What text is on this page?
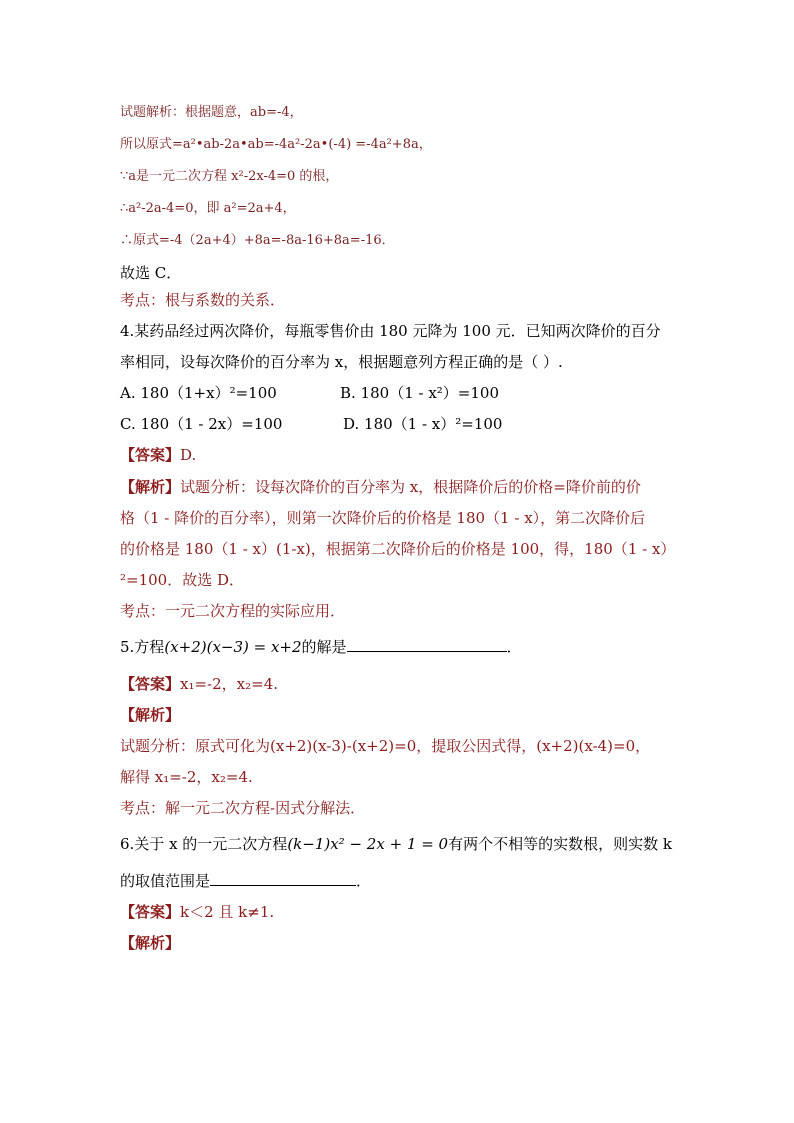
试题解析：根据题意，ab=-4，
所以原式=a²•ab-2a•ab=-4a²-2a•(-4) =-4a²+8a，
∵a是一元二次方程 x²-2x-4=0 的根，
∴a²-2a-4=0，即 a²=2a+4，
∴原式=-4（2a+4）+8a=-8a-16+8a=-16．
故选 C．
考点：根与系数的关系．
4.某药品经过两次降价，每瓶零售价由 180 元降为 100 元．已知两次降价的百分
率相同，设每次降价的百分率为 x，根据题意列方程正确的是（ ）.
A. 180（1+x）²=100	B. 180（1 - x²）=100
C. 180（1 - 2x）=100	D. 180（1 - x）²=100
【答案】D.
【解析】试题分析：设每次降价的百分率为 x，根据降价后的价格=降价前的价
格（1 - 降价的百分率），则第一次降价后的价格是 180（1 - x），第二次降价后
的价格是 180（1 - x）(1-x)，根据第二次降价后的价格是 100，得，180（1 - x）
²=100．故选 D．
考点：一元二次方程的实际应用．
5.方程(x+2)(x−3) = x+2的解是	．
【答案】x₁=-2，x₂=4.
【解析】
试题分析：原式可化为(x+2)(x-3)-(x+2)=0，提取公因式得，(x+2)(x-4)=0，
解得 x₁=-2，x₂=4.
考点：解一元二次方程-因式分解法．
6.关于 x 的一元二次方程(k−1)x² − 2x + 1 = 0有两个不相等的实数根，则实数 k
的取值范围是	．
【答案】k＜2 且 k≠1.
【解析】
